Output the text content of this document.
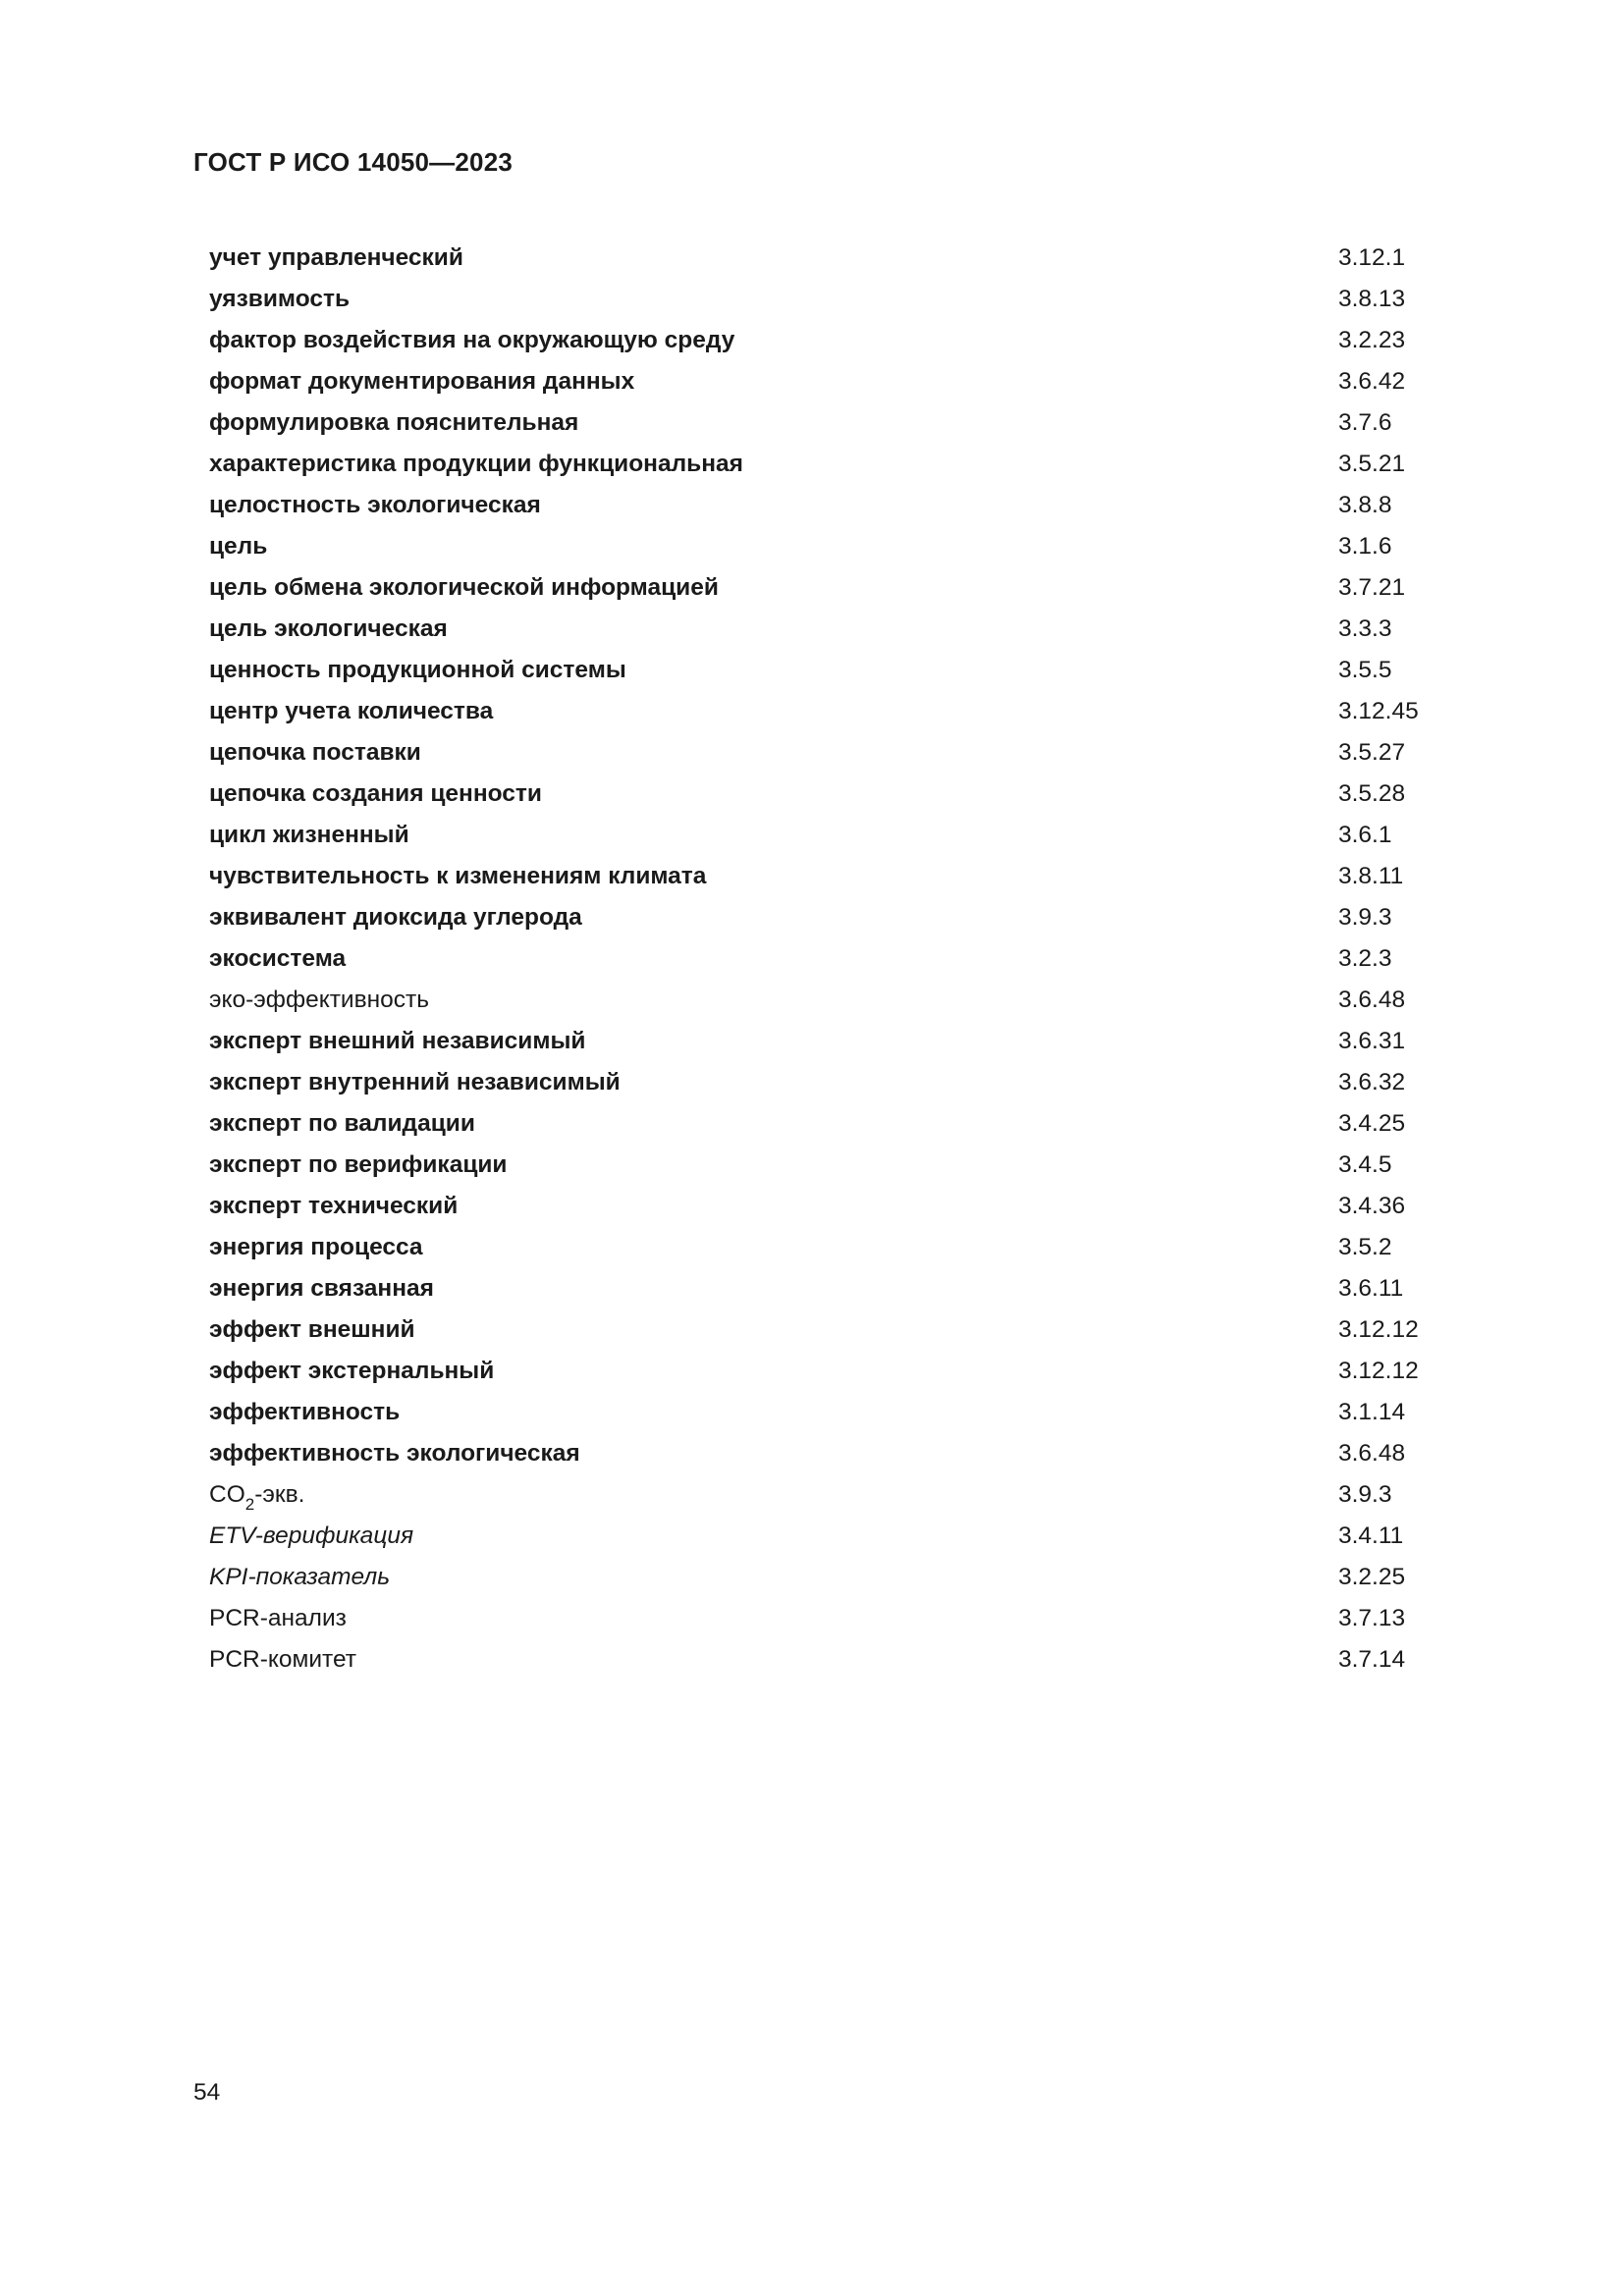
ГОСТ Р ИСО 14050—2023
учет управленческий	3.12.1
уязвимость	3.8.13
фактор воздействия на окружающую среду	3.2.23
формат документирования данных	3.6.42
формулировка пояснительная	3.7.6
характеристика продукции функциональная	3.5.21
целостность экологическая	3.8.8
цель	3.1.6
цель обмена экологической информацией	3.7.21
цель экологическая	3.3.3
ценность продукционной системы	3.5.5
центр учета количества	3.12.45
цепочка поставки	3.5.27
цепочка создания ценности	3.5.28
цикл жизненный	3.6.1
чувствительность к изменениям климата	3.8.11
эквивалент диоксида углерода	3.9.3
экосистема	3.2.3
эко-эффективность	3.6.48
эксперт внешний независимый	3.6.31
эксперт внутренний независимый	3.6.32
эксперт по валидации	3.4.25
эксперт по верификации	3.4.5
эксперт технический	3.4.36
энергия процесса	3.5.2
энергия связанная	3.6.11
эффект внешний	3.12.12
эффект экстернальный	3.12.12
эффективность	3.1.14
эффективность экологическая	3.6.48
$CO_2$-экв.	3.9.3
ETV-верификация	3.4.11
KPI-показатель	3.2.25
PCR-анализ	3.7.13
PCR-комитет	3.7.14
54
